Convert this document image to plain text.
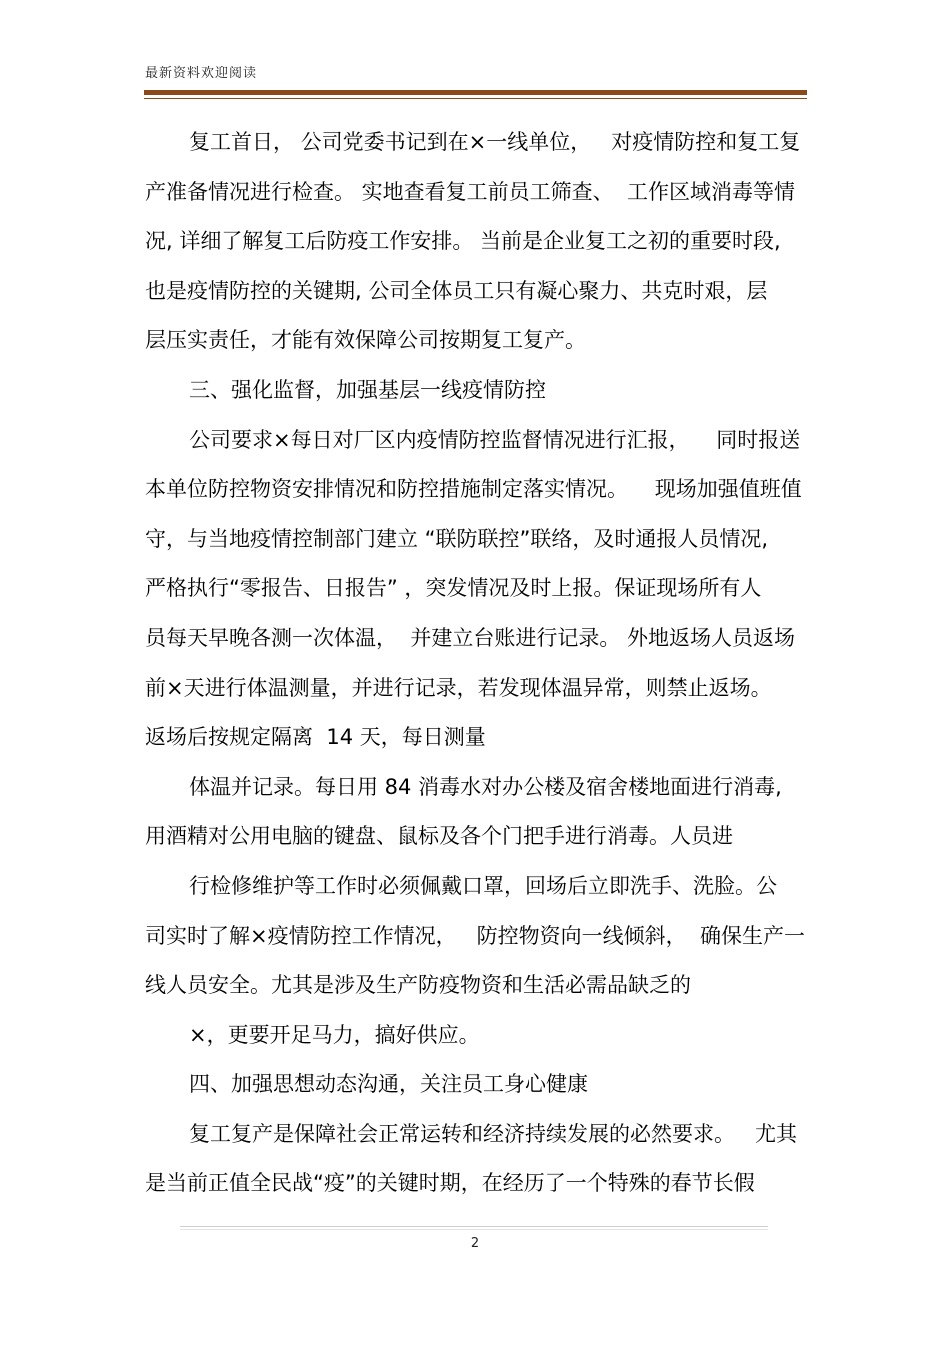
最新资料欢迎阅读
复工首日， 公司党委书记到在×一线单位，   对疫情防控和复工复
产准备情况进行检查。 实地查看复工前员工筛查、  工作区域消毒等情
况, 详细了解复工后防疫工作安排。 当前是企业复工之初的重要时段,
也是疫情防控的关键期, 公司全体员工只有凝心聚力、共克时艰，层
层压实责任，才能有效保障公司按期复工复产。
三、强化监督，加强基层一线疫情防控
公司要求×每日对厂区内疫情防控监督情况进行汇报，    同时报送
本单位防控物资安排情况和防控措施制定落实情况。    现场加强值班值
守，与当地疫情控制部门建立 “联防联控”联络，及时通报人员情况,
严格执行“零报告、日报告” ，突发情况及时上报。保证现场所有人
员每天早晚各测一次体温，  并建立台账进行记录。 外地返场人员返场
前×天进行体温测量，并进行记录，若发现体温异常，则禁止返场。
返场后按规定隔离  14 天，每日测量
体温并记录。每日用 84 消毒水对办公楼及宿舍楼地面进行消毒,
用酒精对公用电脑的键盘、鼠标及各个门把手进行消毒。人员进
行检修维护等工作时必须佩戴口罩，回场后立即洗手、洗脸。公
司实时了解×疫情防控工作情况，   防控物资向一线倾斜，  确保生产一
线人员安全。尤其是涉及生产防疫物资和生活必需品缺乏的
×，更要开足马力，搞好供应。
四、加强思想动态沟通，关注员工身心健康
复工复产是保障社会正常运转和经济持续发展的必然要求。   尤其
是当前正值全民战“疫”的关键时期，在经历了一个特殊的春节长假
2
